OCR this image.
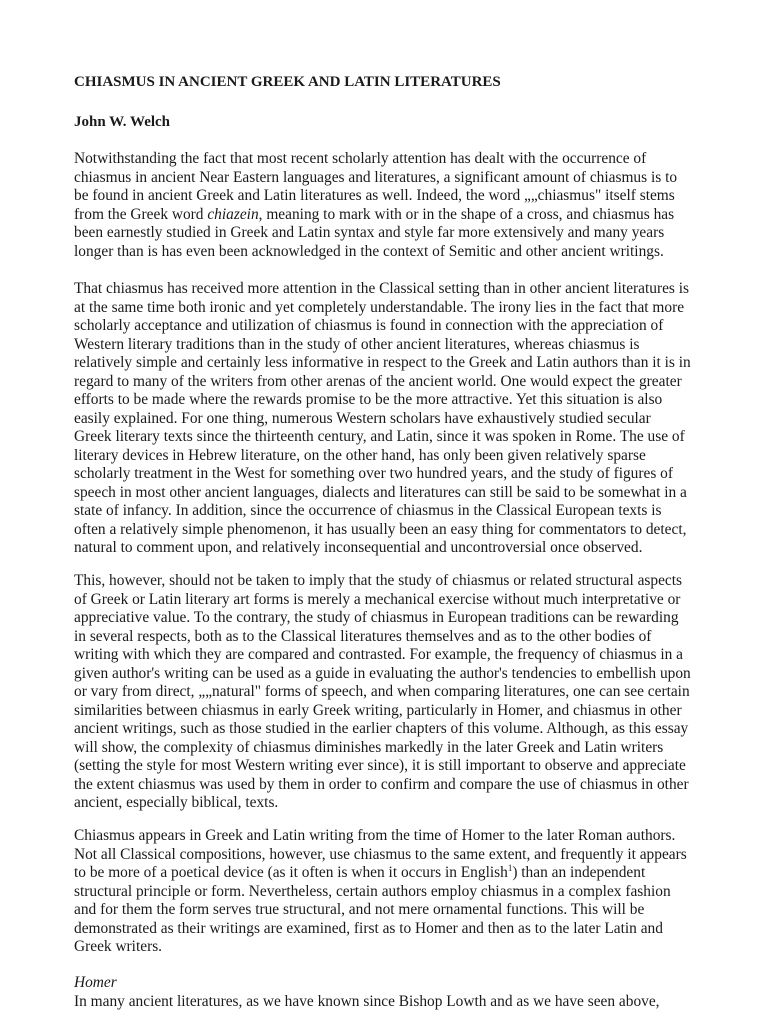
CHIASMUS IN ANCIENT GREEK AND LATIN LITERATURES
John W. Welch
Notwithstanding the fact that most recent scholarly attention has dealt with the occurrence of
chiasmus in ancient Near Eastern languages and literatures, a significant amount of chiasmus is to
be found in ancient Greek and Latin literatures as well. Indeed, the word „„chiasmus" itself stems
from the Greek word chiazein, meaning to mark with or in the shape of a cross, and chiasmus has
been earnestly studied in Greek and Latin syntax and style far more extensively and many years
longer than is has even been acknowledged in the context of Semitic and other ancient writings.
That chiasmus has received more attention in the Classical setting than in other ancient literatures is
at the same time both ironic and yet completely understandable. The irony lies in the fact that more
scholarly acceptance and utilization of chiasmus is found in connection with the appreciation of
Western literary traditions than in the study of other ancient literatures, whereas chiasmus is
relatively simple and certainly less informative in respect to the Greek and Latin authors than it is in
regard to many of the writers from other arenas of the ancient world. One would expect the greater
efforts to be made where the rewards promise to be the more attractive. Yet this situation is also
easily explained. For one thing, numerous Western scholars have exhaustively studied secular
Greek literary texts since the thirteenth century, and Latin, since it was spoken in Rome. The use of
literary devices in Hebrew literature, on the other hand, has only been given relatively sparse
scholarly treatment in the West for something over two hundred years, and the study of figures of
speech in most other ancient languages, dialects and literatures can still be said to be somewhat in a
state of infancy. In addition, since the occurrence of chiasmus in the Classical European texts is
often a relatively simple phenomenon, it has usually been an easy thing for commentators to detect,
natural to comment upon, and relatively inconsequential and uncontroversial once observed.
This, however, should not be taken to imply that the study of chiasmus or related structural aspects
of Greek or Latin literary art forms is merely a mechanical exercise without much interpretative or
appreciative value. To the contrary, the study of chiasmus in European traditions can be rewarding
in several respects, both as to the Classical literatures themselves and as to the other bodies of
writing with which they are compared and contrasted. For example, the frequency of chiasmus in a
given author's writing can be used as a guide in evaluating the author's tendencies to embellish upon
or vary from direct, „„natural" forms of speech, and when comparing literatures, one can see certain
similarities between chiasmus in early Greek writing, particularly in Homer, and chiasmus in other
ancient writings, such as those studied in the earlier chapters of this volume. Although, as this essay
will show, the complexity of chiasmus diminishes markedly in the later Greek and Latin writers
(setting the style for most Western writing ever since), it is still important to observe and appreciate
the extent chiasmus was used by them in order to confirm and compare the use of chiasmus in other
ancient, especially biblical, texts.
Chiasmus appears in Greek and Latin writing from the time of Homer to the later Roman authors.
Not all Classical compositions, however, use chiasmus to the same extent, and frequently it appears
to be more of a poetical device (as it often is when it occurs in English$^1$) than an independent
structural principle or form. Nevertheless, certain authors employ chiasmus in a complex fashion
and for them the form serves true structural, and not mere ornamental functions. This will be
demonstrated as their writings are examined, first as to Homer and then as to the later Latin and
Greek writers.
Homer
In many ancient literatures, as we have known since Bishop Lowth and as we have seen above,
